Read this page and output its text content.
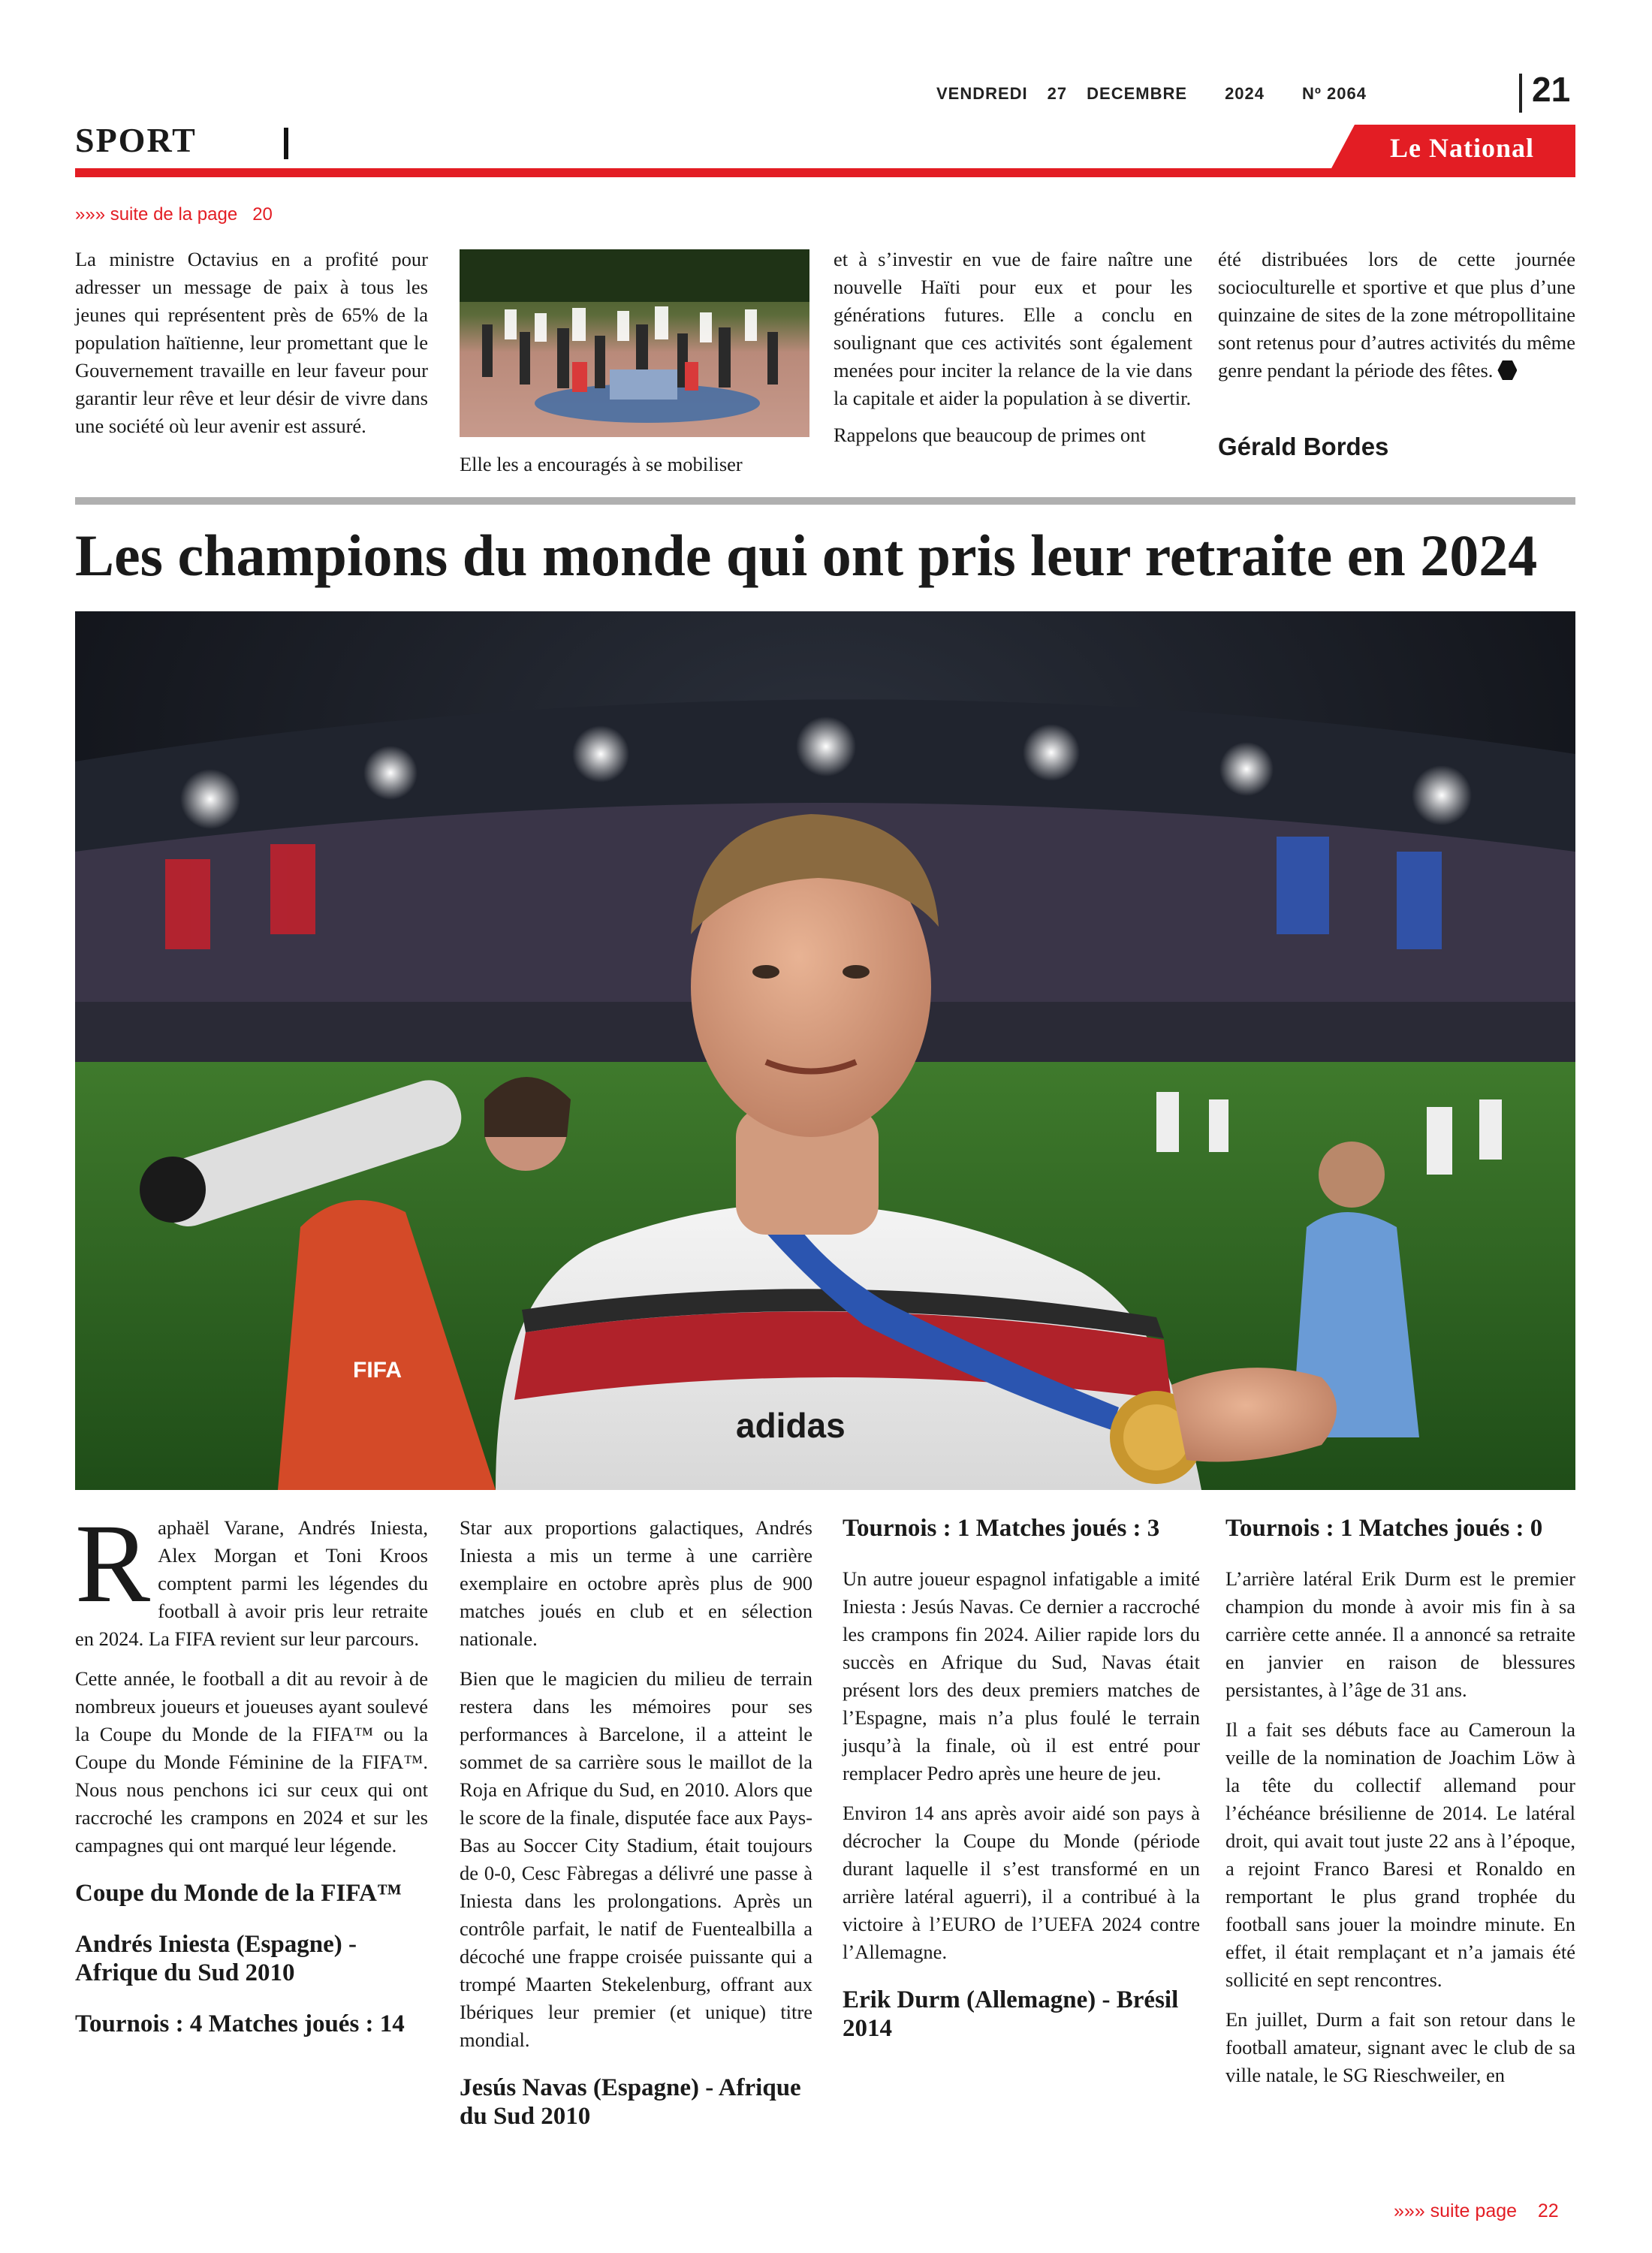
VENDREDI 27 DECEMBRE 2024 Nº 2064	21
SPORT	Le National
»»» suite de la page 20
La ministre Octavius en a profité pour adresser un message de paix à tous les jeunes qui représentent près de 65% de la population haïtienne, leur promettant que le Gouvernement travaille en leur faveur pour garantir leur rêve et leur désir de vivre dans une société où leur avenir est assuré.
Elle les a encouragés à se mobiliser
et à s’investir en vue de faire naître une nouvelle Haïti pour eux et pour les générations futures. Elle a conclu en soulignant que ces activités sont également menées pour inciter la relance de la vie dans la capitale et aider la population à se divertir.
Rappelons que beaucoup de primes ont
été distribuées lors de cette journée socioculturelle et sportive et que plus d’une quinzaine de sites de la zone métropollitaine sont retenus pour d’autres activités du même genre pendant la période des fêtes.
Gérald Bordes
Les champions du monde qui ont pris leur retraite en 2024
adidas
FIFA

Raphaël Varane, Andrés Iniesta, Alex Morgan et Toni Kroos comptent parmi les légendes du football à avoir pris leur retraite en 2024. La FIFA revient sur leur parcours.

Cette année, le football a dit au revoir à de nombreux joueurs et joueuses ayant soulevé la Coupe du Monde de la FIFA™ ou la Coupe du Monde Féminine de la FIFA™. Nous nous penchons ici sur ceux qui ont raccroché les crampons en 2024 et sur les campagnes qui ont marqué leur légende.

Coupe du Monde de la FIFA™
Andrés Iniesta (Espagne) - Afrique du Sud 2010
Tournois : 4 Matches joués : 14

Star aux proportions galactiques, Andrés Iniesta a mis un terme à une carrière exemplaire en octobre après plus de 900 matches joués en club et en sélection nationale.

Bien que le magicien du milieu de terrain restera dans les mémoires pour ses performances à Barcelone, il a atteint le sommet de sa carrière sous le maillot de la Roja en Afrique du Sud, en 2010. Alors que le score de la finale, disputée face aux Pays-Bas au Soccer City Stadium, était toujours de 0-0, Cesc Fàbregas a délivré une passe à Iniesta dans les prolongations. Après un contrôle parfait, le natif de Fuentealbilla a décoché une frappe croisée puissante qui a trompé Maarten Stekelenburg, offrant aux Ibériques leur premier (et unique) titre mondial.

Jesús Navas (Espagne) - Afrique du Sud 2010
Tournois : 1 Matches joués : 3

Un autre joueur espagnol infatigable a imité Iniesta : Jesús Navas. Ce dernier a raccroché les crampons fin 2024. Ailier rapide lors du succès en Afrique du Sud, Navas était présent lors des deux premiers matches de l’Espagne, mais n’a plus foulé le terrain jusqu’à la finale, où il est entré pour remplacer Pedro après une heure de jeu.

Environ 14 ans après avoir aidé son pays à décrocher la Coupe du Monde (période durant laquelle il s’est transformé en un arrière latéral aguerri), il a contribué à la victoire à l’EURO de l’UEFA 2024 contre l’Allemagne.

Erik Durm (Allemagne) - Brésil 2014
Tournois : 1 Matches joués : 0

L’arrière latéral Erik Durm est le premier champion du monde à avoir mis fin à sa carrière cette année. Il a annoncé sa retraite en janvier en raison de blessures persistantes, à l’âge de 31 ans.

Il a fait ses débuts face au Cameroun la veille de la nomination de Joachim Löw à la tête du collectif allemand pour l’échéance brésilienne de 2014. Le latéral droit, qui avait tout juste 22 ans à l’époque, a rejoint Franco Baresi et Ronaldo en remportant le plus grand trophée du football sans jouer la moindre minute. En effet, il était remplaçant et n’a jamais été sollicité en sept rencontres.

En juillet, Durm a fait son retour dans le football amateur, signant avec le club de sa ville natale, le SG Rieschweiler, en

»»» suite page 22
